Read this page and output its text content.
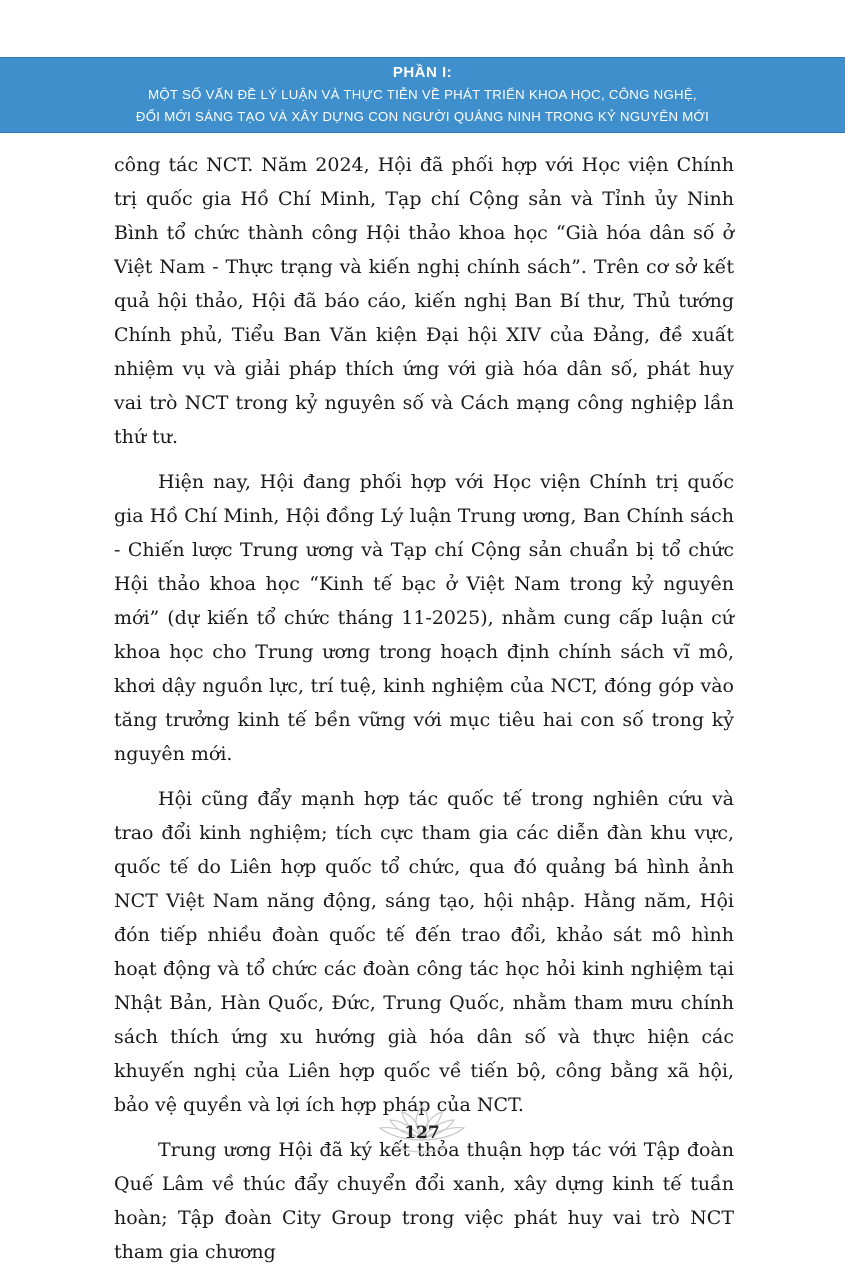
PHẦN I:
MỘT SỐ VẤN ĐỀ LÝ LUẬN VÀ THỰC TIỄN VỀ PHÁT TRIỂN KHOA HỌC, CÔNG NGHỆ,
ĐỔI MỚI SÁNG TẠO VÀ XÂY DỰNG CON NGƯỜI QUẢNG NINH TRONG KỶ NGUYÊN MỚI

công tác NCT. Năm 2024, Hội đã phối hợp với Học viện Chính trị quốc gia Hồ Chí Minh, Tạp chí Cộng sản và Tỉnh ủy Ninh Bình tổ chức thành công Hội thảo khoa học “Già hóa dân số ở Việt Nam - Thực trạng và kiến nghị chính sách”. Trên cơ sở kết quả hội thảo, Hội đã báo cáo, kiến nghị Ban Bí thư, Thủ tướng Chính phủ, Tiểu Ban Văn kiện Đại hội XIV của Đảng, đề xuất nhiệm vụ và giải pháp thích ứng với già hóa dân số, phát huy vai trò NCT trong kỷ nguyên số và Cách mạng công nghiệp lần thứ tư.

Hiện nay, Hội đang phối hợp với Học viện Chính trị quốc gia Hồ Chí Minh, Hội đồng Lý luận Trung ương, Ban Chính sách - Chiến lược Trung ương và Tạp chí Cộng sản chuẩn bị tổ chức Hội thảo khoa học “Kinh tế bạc ở Việt Nam trong kỷ nguyên mới” (dự kiến tổ chức tháng 11-2025), nhằm cung cấp luận cứ khoa học cho Trung ương trong hoạch định chính sách vĩ mô, khơi dậy nguồn lực, trí tuệ, kinh nghiệm của NCT, đóng góp vào tăng trưởng kinh tế bền vững với mục tiêu hai con số trong kỷ nguyên mới.

Hội cũng đẩy mạnh hợp tác quốc tế trong nghiên cứu và trao đổi kinh nghiệm; tích cực tham gia các diễn đàn khu vực, quốc tế do Liên hợp quốc tổ chức, qua đó quảng bá hình ảnh NCT Việt Nam năng động, sáng tạo, hội nhập. Hằng năm, Hội đón tiếp nhiều đoàn quốc tế đến trao đổi, khảo sát mô hình hoạt động và tổ chức các đoàn công tác học hỏi kinh nghiệm tại Nhật Bản, Hàn Quốc, Đức, Trung Quốc, nhằm tham mưu chính sách thích ứng xu hướng già hóa dân số và thực hiện các khuyến nghị của Liên hợp quốc về tiến bộ, công bằng xã hội, bảo vệ quyền và lợi ích hợp pháp của NCT.

Trung ương Hội đã ký kết thỏa thuận hợp tác với Tập đoàn Quế Lâm về thúc đẩy chuyển đổi xanh, xây dựng kinh tế tuần hoàn; Tập đoàn City Group trong việc phát huy vai trò NCT tham gia chương

127
